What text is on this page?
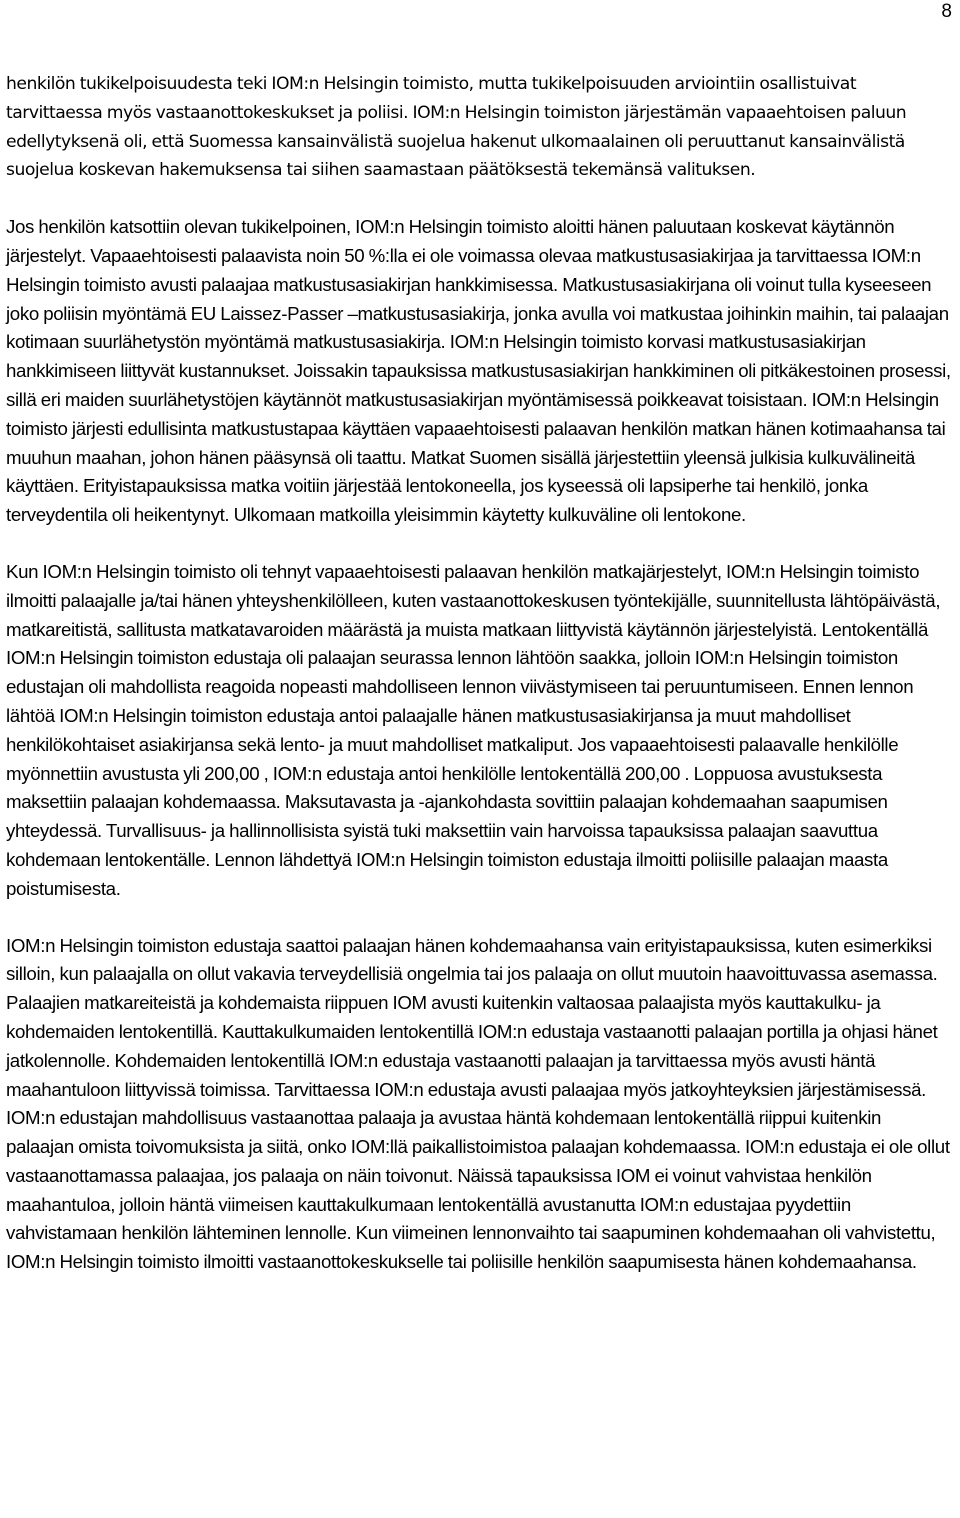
8

henkilön tukikelpoisuudesta teki IOM:n Helsingin toimisto, mutta tukikelpoisuuden arviointiin osallistuivat tarvittaessa myös vastaanottokeskukset ja poliisi. IOM:n Helsingin toimiston järjestämän vapaaehtoisen paluun edellytyksenä oli, että Suomessa kansainvälistä suojelua hakenut ulkomaalainen oli peruuttanut kansainvälistä suojelua koskevan hakemuksensa tai siihen saamastaan päätöksestä tekemänsä valituksen.

Jos henkilön katsottiin olevan tukikelpoinen, IOM:n Helsingin toimisto aloitti hänen paluutaan koskevat käytännön järjestelyt. Vapaaehtoisesti palaavista noin 50 %:lla ei ole voimassa olevaa matkustusasiakirjaa ja tarvittaessa IOM:n Helsingin toimisto avusti palaajaa matkustusasiakirjan hankkimisessa. Matkustusasiakirjana oli voinut tulla kyseeseen joko poliisin myöntämä EU Laissez-Passer –matkustusasiakirja, jonka avulla voi matkustaa joihinkin maihin, tai palaajan kotimaan suurlähetystön myöntämä matkustusasiakirja. IOM:n Helsingin toimisto korvasi matkustusasiakirjan hankkimiseen liittyvät kustannukset. Joissakin tapauksissa matkustusasiakirjan hankkiminen oli pitkäkestoinen prosessi, sillä eri maiden suurlähetystöjen käytännöt matkustusasiakirjan myöntämisessä poikkeavat toisistaan. IOM:n Helsingin toimisto järjesti edullisinta matkustustapaa käyttäen vapaaehtoisesti palaavan henkilön matkan hänen kotimaahansa tai muuhun maahan, johon hänen pääsynsä oli taattu. Matkat Suomen sisällä järjestettiin yleensä julkisia kulkuvälineitä käyttäen. Erityistapauksissa matka voitiin järjestää lentokoneella, jos kyseessä oli lapsiperhe tai henkilö, jonka terveydentila oli heikentynyt. Ulkomaan matkoilla yleisimmin käytetty kulkuväline oli lentokone.

Kun IOM:n Helsingin toimisto oli tehnyt vapaaehtoisesti palaavan henkilön matkajärjestelyt, IOM:n Helsingin toimisto ilmoitti palaajalle ja/tai hänen yhteyshenkilölleen, kuten vastaanottokeskusen työntekijälle, suunnitellusta lähtöpäivästä, matkareitistä, sallitusta matkatavaroiden määrästä ja muista matkaan liittyvistä käytännön järjestelyistä. Lentokentällä IOM:n Helsingin toimiston edustaja oli palaajan seurassa lennon lähtöön saakka, jolloin IOM:n Helsingin toimiston edustajan oli mahdollista reagoida nopeasti mahdolliseen lennon viivästymiseen tai peruuntumiseen. Ennen lennon lähtöä IOM:n Helsingin toimiston edustaja antoi palaajalle hänen matkustusasiakirjansa ja muut mahdolliset henkilökohtaiset asiakirjansa sekä lento- ja muut mahdolliset matkaliput. Jos vapaaehtoisesti palaavalle henkilölle myönnettiin avustusta yli 200,00 , IOM:n edustaja antoi henkilölle lentokentällä 200,00 . Loppuosa avustuksesta maksettiin palaajan kohdemaassa. Maksutavasta ja -ajankohdasta sovittiin palaajan kohdemaahan saapumisen yhteydessä. Turvallisuus- ja hallinnollisista syistä tuki maksettiin vain harvoissa tapauksissa palaajan saavuttua kohdemaan lentokentälle. Lennon lähdettyä IOM:n Helsingin toimiston edustaja ilmoitti poliisille palaajan maasta poistumisesta.

IOM:n Helsingin toimiston edustaja saattoi palaajan hänen kohdemaahansa vain erityistapauksissa, kuten esimerkiksi silloin, kun palaajalla on ollut vakavia terveydellisiä ongelmia tai jos palaaja on ollut muutoin haavoittuvassa asemassa. Palaajien matkareiteistä ja kohdemaista riippuen IOM avusti kuitenkin valtaosaa palaajista myös kauttakulku- ja kohdemaiden lentokentillä. Kauttakulkumaiden lentokentillä IOM:n edustaja vastaanotti palaajan portilla ja ohjasi hänet jatkolennolle. Kohdemaiden lentokentillä IOM:n edustaja vastaanotti palaajan ja tarvittaessa myös avusti häntä maahantuloon liittyvissä toimissa. Tarvittaessa IOM:n edustaja avusti palaajaa myös jatkoyhteyksien järjestämisessä. IOM:n edustajan mahdollisuus vastaanottaa palaaja ja avustaa häntä kohdemaan lentokentällä riippui kuitenkin palaajan omista toivomuksista ja siitä, onko IOM:llä paikallistoimistoa palaajan kohdemaassa. IOM:n edustaja ei ole ollut vastaanottamassa palaajaa, jos palaaja on näin toivonut. Näissä tapauksissa IOM ei voinut vahvistaa henkilön maahantuloa, jolloin häntä viimeisen kauttakulkumaan lentokentällä avustanutta IOM:n edustajaa pyydettiin vahvistamaan henkilön lähteminen lennolle. Kun viimeinen lennonvaihto tai saapuminen kohdemaahan oli vahvistettu, IOM:n Helsingin toimisto ilmoitti vastaanottokeskukselle tai poliisille henkilön saapumisesta hänen kohdemaahansa.
